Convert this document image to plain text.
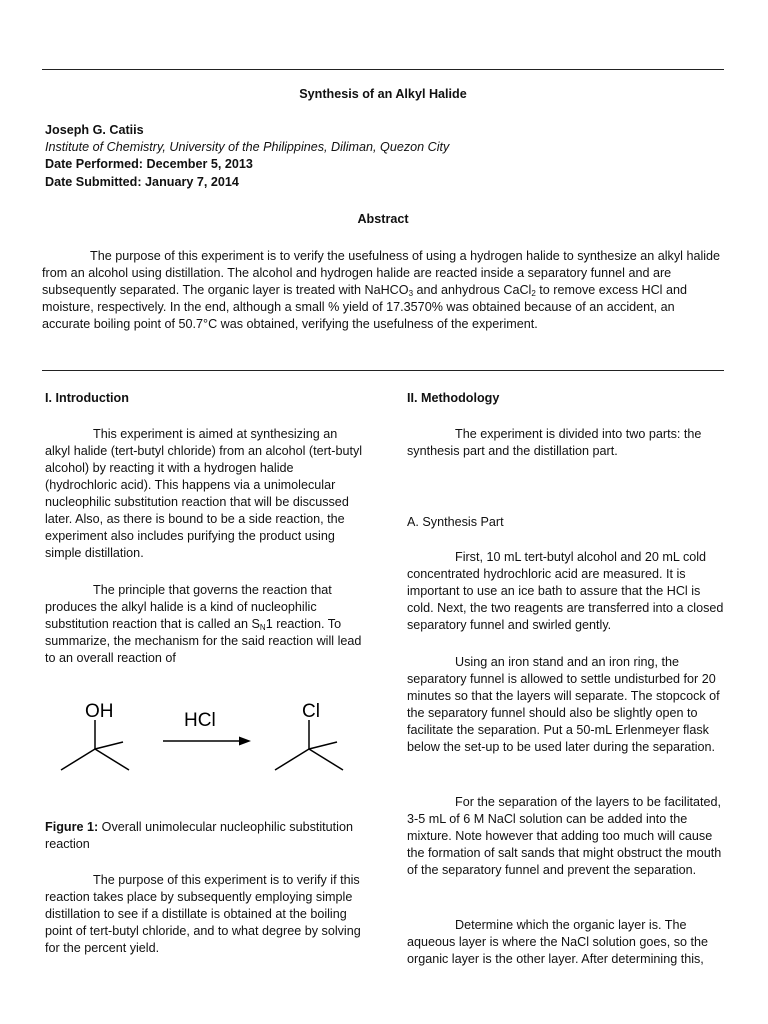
Synthesis of an Alkyl Halide

Joseph G. Catiis

Institute of Chemistry, University of the Philippines, Diliman, Quezon City

Date Performed: December 5, 2013

Date Submitted: January 7, 2014

Abstract

The purpose of this experiment is to verify the usefulness of using a hydrogen halide to synthesize an alkyl halide from an alcohol using distillation. The alcohol and hydrogen halide are reacted inside a separatory funnel and are subsequently separated. The organic layer is treated with NaHCO$_3$ and anhydrous CaCl$_2$ to remove excess HCl and moisture, respectively. In the end, although a small % yield of 17.3570% was obtained because of an accident, an accurate boiling point of 50.7°C was obtained, verifying the usefulness of the experiment.

I. Introduction

This experiment is aimed at synthesizing an alkyl halide (tert-butyl chloride) from an alcohol (tert-butyl alcohol) by reacting it with a hydrogen halide (hydrochloric acid). This happens via a unimolecular nucleophilic substitution reaction that will be discussed later. Also, as there is bound to be a side reaction, the experiment also includes purifying the product using simple distillation.

The principle that governs the reaction that produces the alkyl halide is a kind of nucleophilic substitution reaction that is called an $S_N1$ reaction. To summarize, the mechanism for the said reaction will lead to an overall reaction of

OH	HCl	Cl

Figure 1: Overall unimolecular nucleophilic substitution reaction

The purpose of this experiment is to verify if this reaction takes place by subsequently employing simple distillation to see if a distillate is obtained at the boiling point of tert-butyl chloride, and to what degree by solving for the percent yield.

II. Methodology

The experiment is divided into two parts: the synthesis part and the distillation part.

A. Synthesis Part

First, 10 mL tert-butyl alcohol and 20 mL cold concentrated hydrochloric acid are measured. It is important to use an ice bath to assure that the HCl is cold. Next, the two reagents are transferred into a closed separatory funnel and swirled gently.

Using an iron stand and an iron ring, the separatory funnel is allowed to settle undisturbed for 20 minutes so that the layers will separate. The stopcock of the separatory funnel should also be slightly open to facilitate the separation. Put a 50-mL Erlenmeyer flask below the set-up to be used later during the separation.

For the separation of the layers to be facilitated, 3-5 mL of 6 M NaCl solution can be added into the mixture. Note however that adding too much will cause the formation of salt sands that might obstruct the mouth of the separatory funnel and prevent the separation.

Determine which the organic layer is. The aqueous layer is where the NaCl solution goes, so the organic layer is the other layer. After determining this,
